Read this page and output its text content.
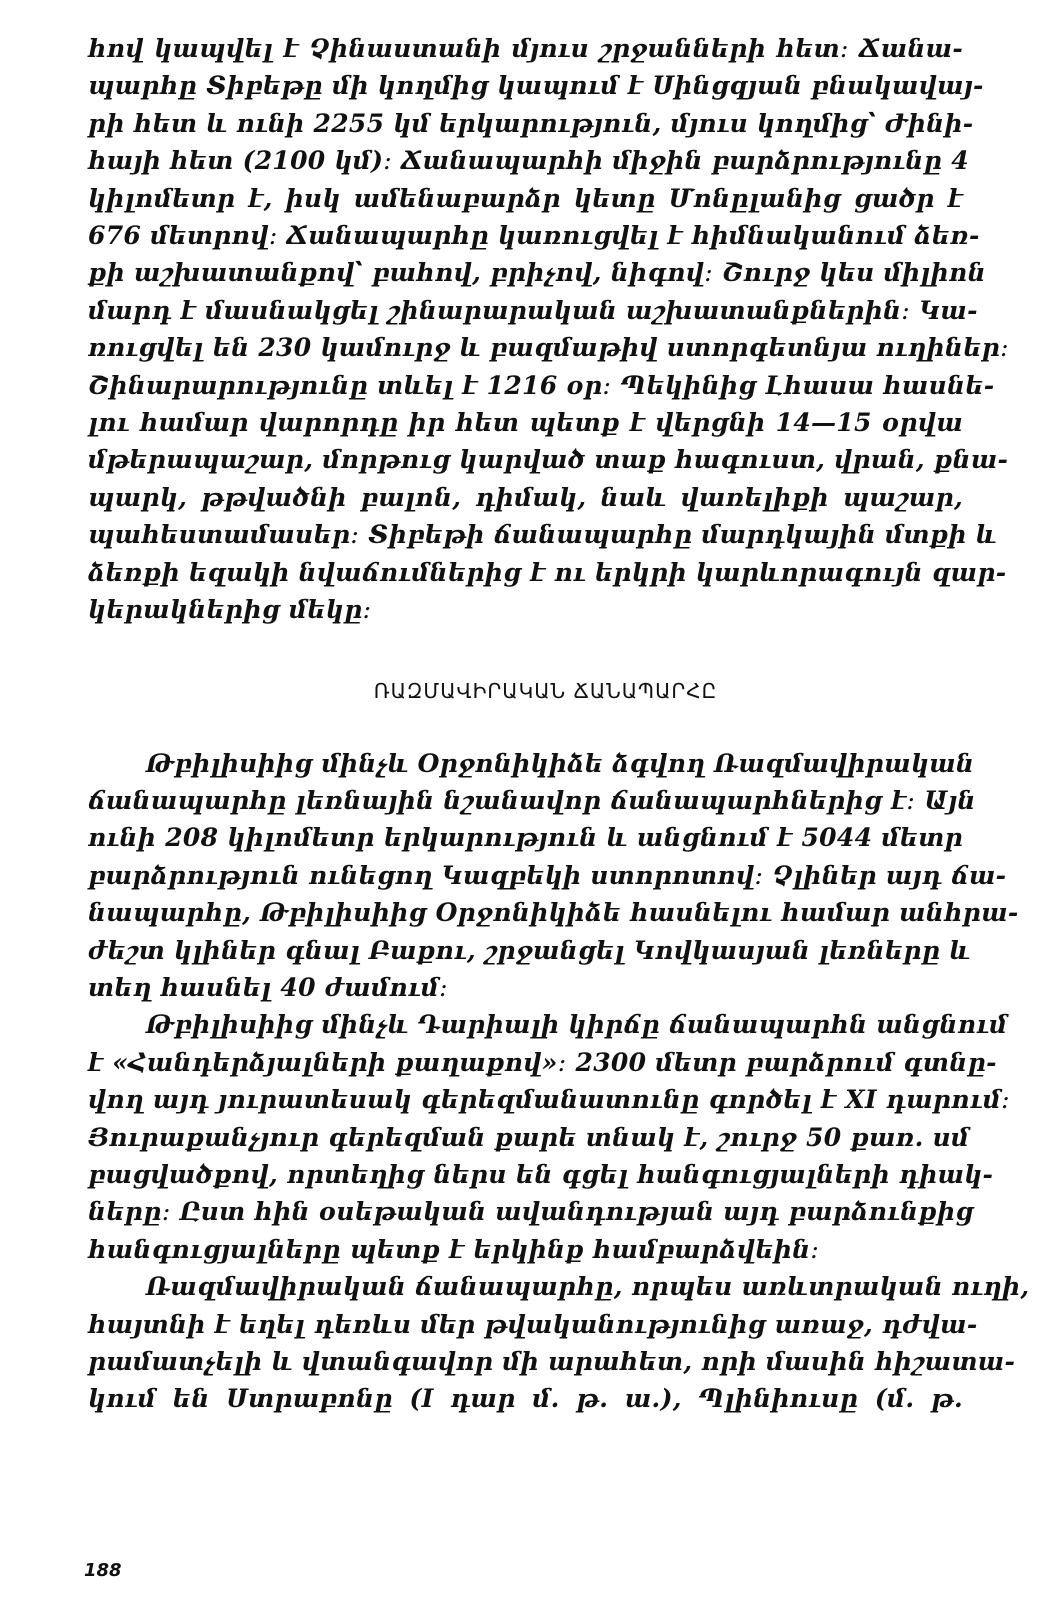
հով կապվել է Չինաստանի մյուս շրջանների հետ։ Ճանա-
պարհը Տիբեթը մի կողմից կապում է Սինցզյան բնակավայ-
րի հետ և ունի 2255 կմ երկարություն, մյուս կողմից՝ Ժինի-
հայի հետ (2100 կմ)։ Ճանապարհի միջին բարձրությունը 4
կիլոմետր է, իսկ ամենաբարձր կետը Մոնըլանից ցածր է
676 մետրով։ Ճանապարհը կառուցվել է հիմնականում ձեռ-
քի աշխատանքով՝ բահով, բրիչով, նիգով։ Շուրջ կես միլիոն
մարդ է մասնակցել շինարարական աշխատանքներին։ Կա-
ռուցվել են 230 կամուրջ և բազմաթիվ ստորգետնյա ուղիներ։
Շինարարությունը տևել է 1216 օր։ Պեկինից Լհասա հասնե-
լու համար վարորդը իր հետ պետք է վերցնի 14—15 օրվա
մթերապաշար, մորթուց կարված տաք հագուստ, վրան, քնա-
պարկ, թթվածնի բալոն, դիմակ, նաև վառելիքի պաշար,
պահեստամասեր։ Տիբեթի ճանապարհը մարդկային մտքի և
ձեռքի եզակի նվաճումներից է ու երկրի կարևորագույն զար-
կերակներից մեկը։
ՌԱԶՄԱՎԻՐԱԿԱՆ ՃԱՆԱՊԱՐՀԸ
Թբիլիսիից մինչև Օրջոնիկիձե ձգվող Ռազմավիրական
ճանապարհը լեռնային նշանավոր ճանապարհներից է։ Այն
ունի 208 կիլոմետր երկարություն և անցնում է 5044 մետր
բարձրություն ունեցող Կազբեկի ստորոտով։ Չլիներ այդ ճա-
նապարհը, Թբիլիսիից Օրջոնիկիձե հասնելու համար անհրա-
ժեշտ կլիներ գնալ Բաքու, շրջանցել Կովկասյան լեռները և
տեղ հասնել 40 ժամում։
Թբիլիսիից մինչև Դարիալի կիրճը ճանապարհն անցնում
է «Հանդերձյալների քաղաքով»։ 2300 մետր բարձրում գտնը-
վող այդ յուրատեսակ գերեզմանատունը գործել է XI դարում։
Յուրաքանչյուր գերեզման քարե տնակ է, շուրջ 50 քառ. սմ
բացվածքով, որտեղից ներս են գցել հանգուցյալների դիակ-
ները։ Ըստ հին օսեթական ավանդության այդ բարձունքից
հանգուցյալները պետք է երկինք համբարձվեին։
Ռազմավիրական ճանապարհը, որպես առևտրական ուղի,
հայտնի է եղել դեռևս մեր թվականությունից առաջ, դժվա-
րամատչելի և վտանգավոր մի արահետ, որի մասին հիշատա-
կում են Ստրաբոնը (I դար մ. թ. ա.), Պլինիուսը (մ. թ.
188
